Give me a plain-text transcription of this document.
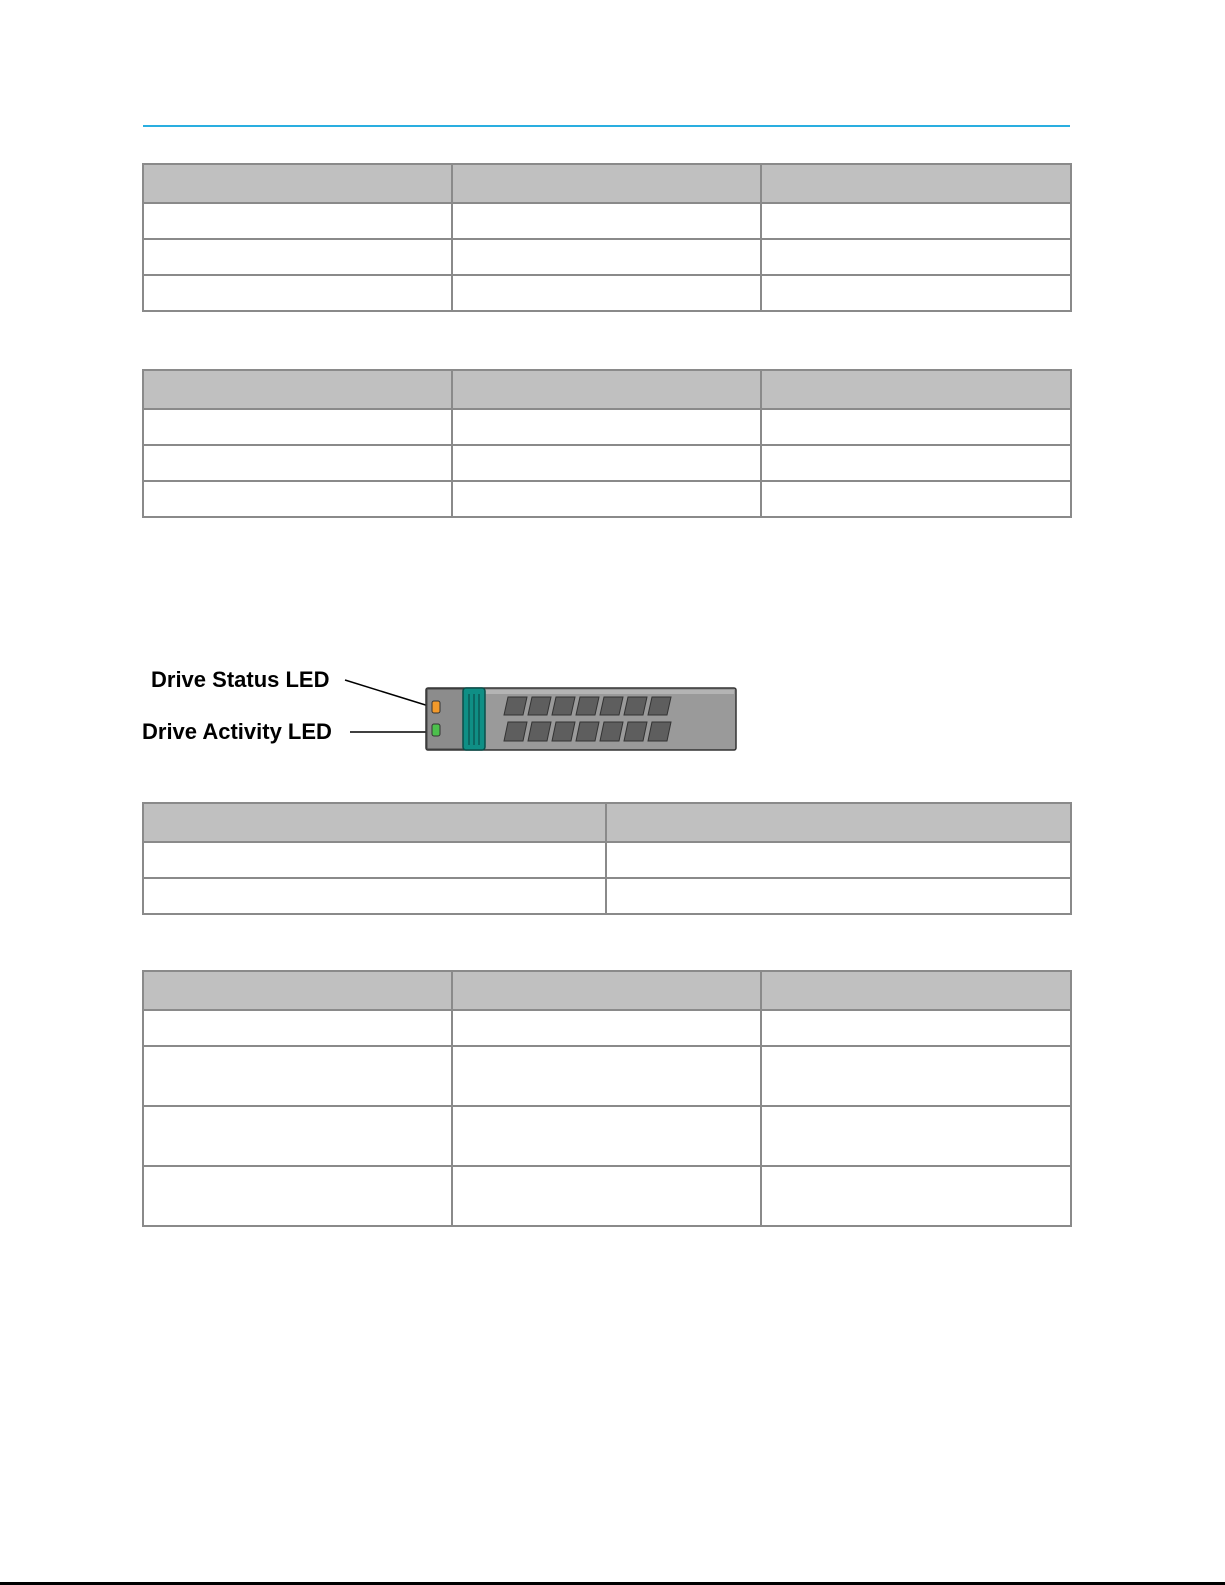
Drive Status LED
Drive Activity LED
